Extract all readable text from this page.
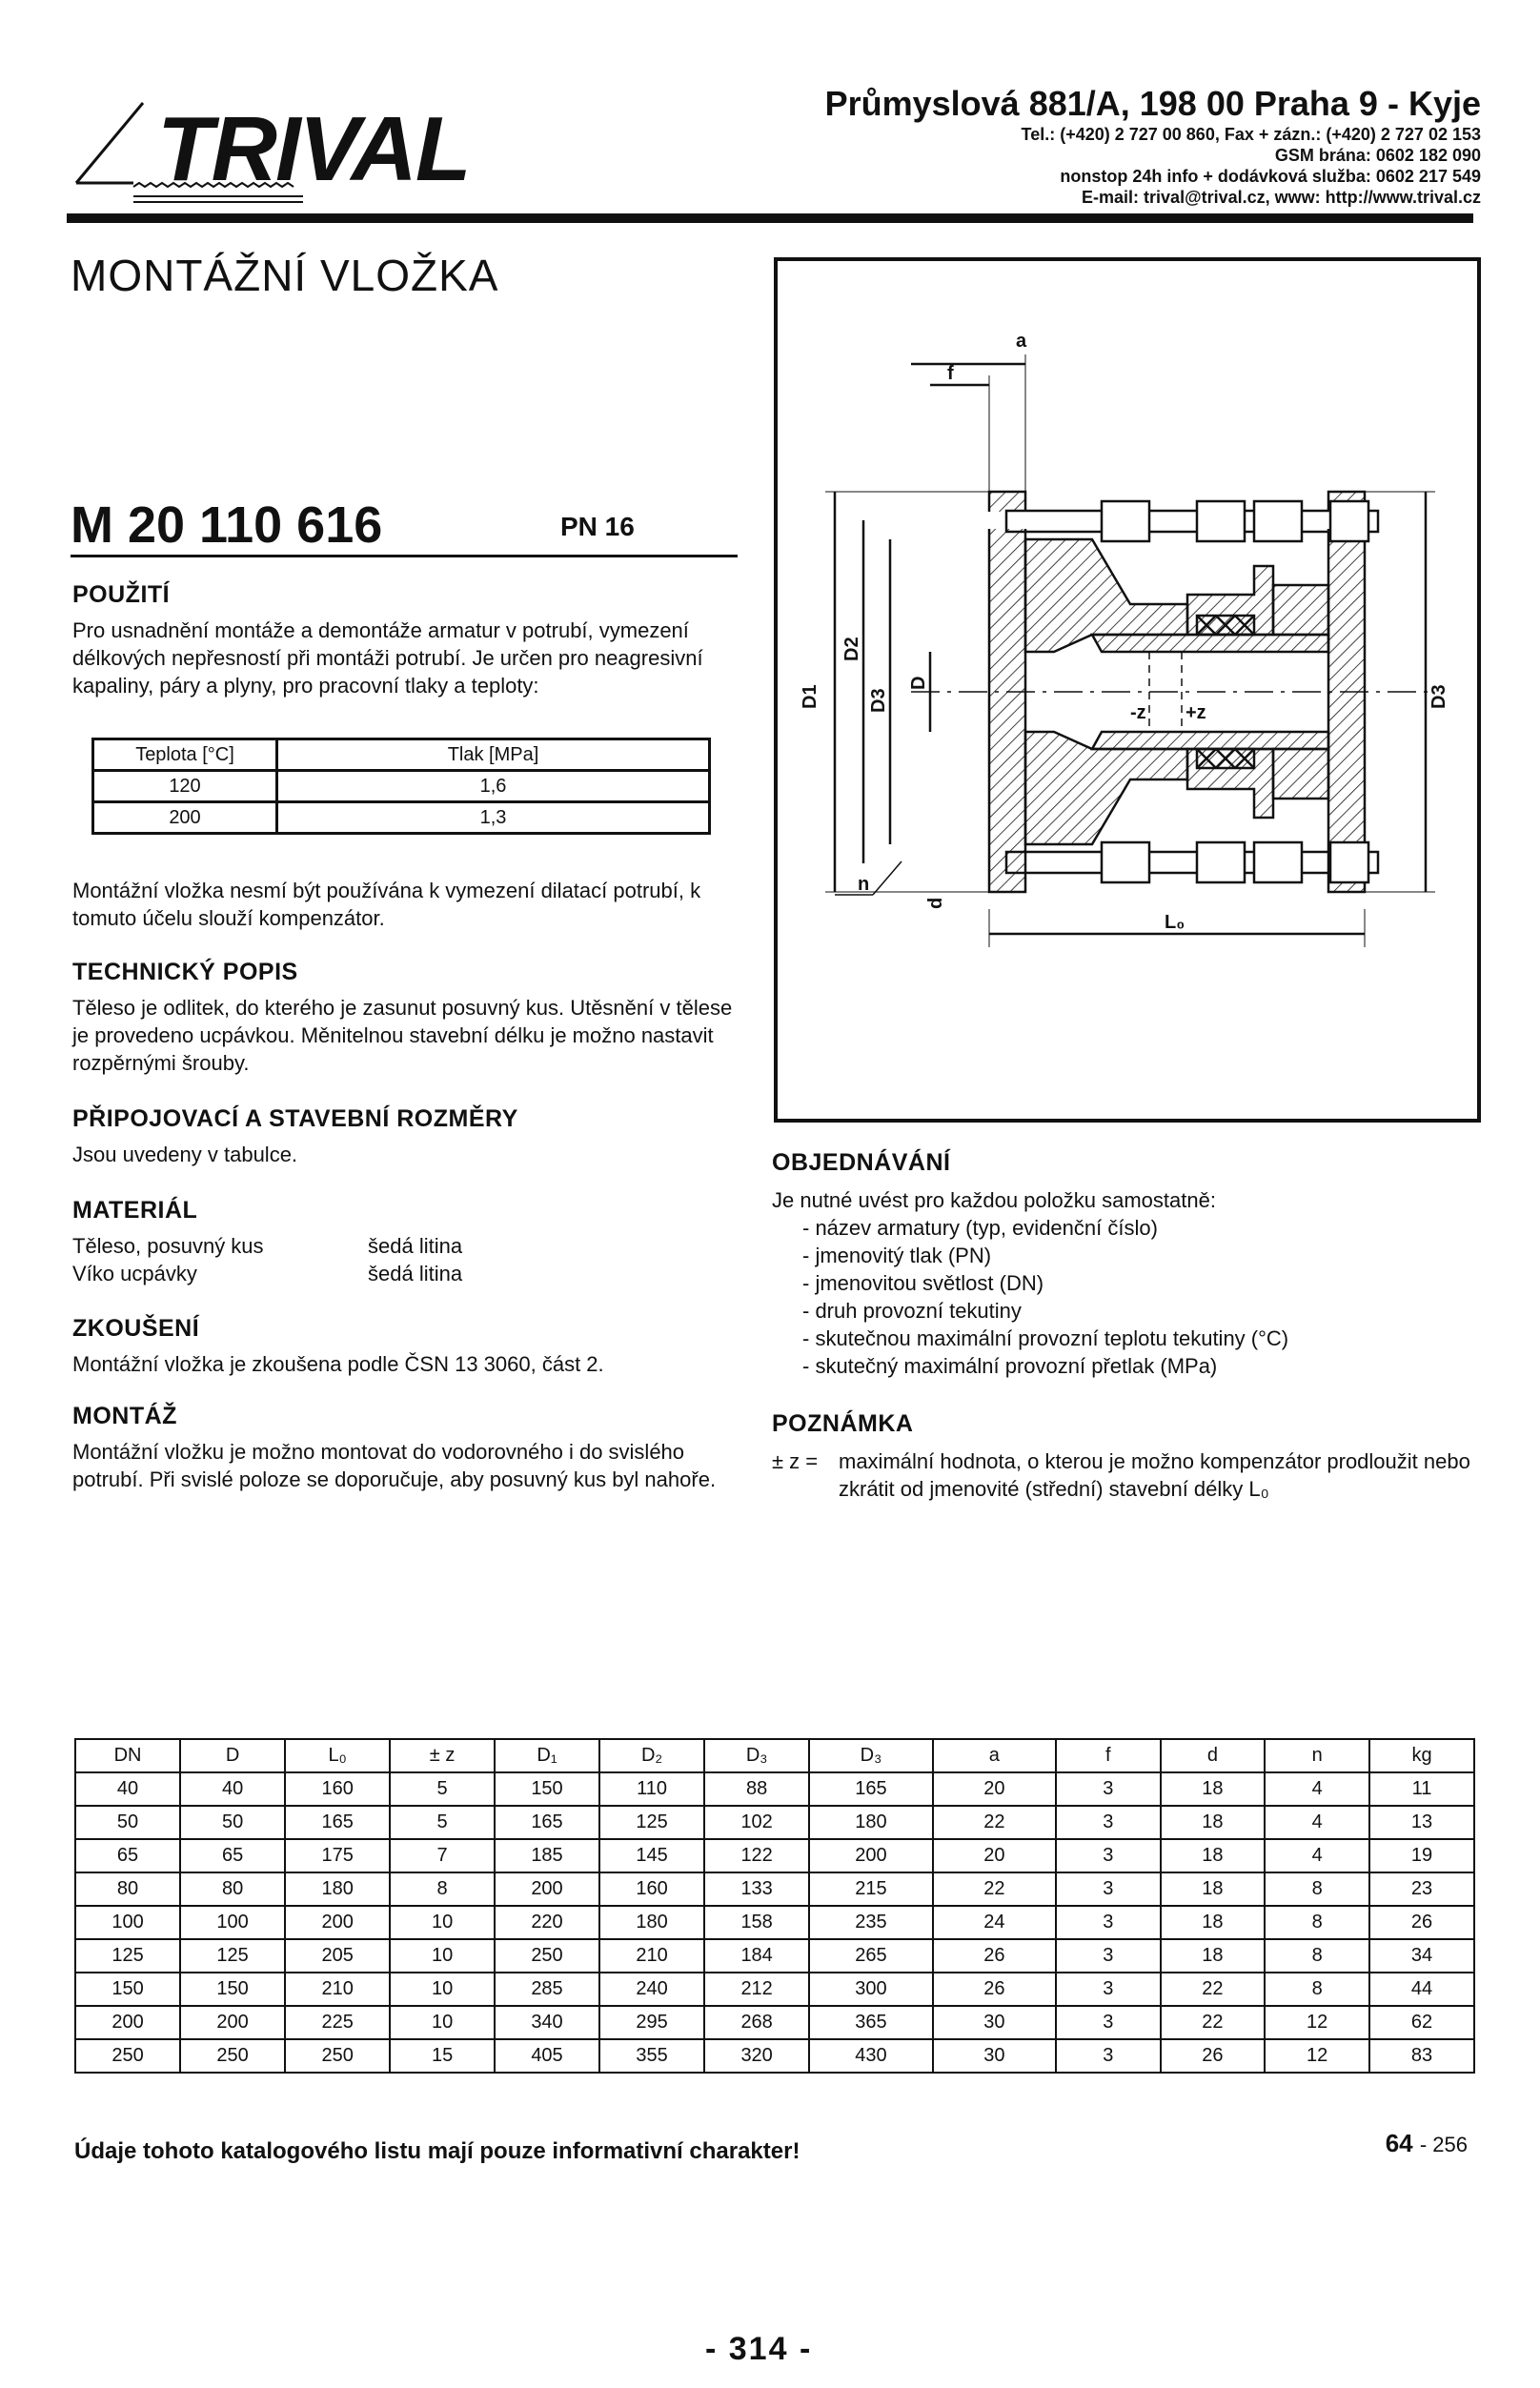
TRIVAL	Průmyslová 881/A, 198 00 Praha 9 - Kyje
Tel.: (+420) 2 727 00 860, Fax + zázn.: (+420) 2 727 02 153
GSM brána: 0602 182 090
nonstop 24h info + dodávková služba: 0602 217 549
E-mail: trival@trival.cz, www: http://www.trival.cz
MONTÁŽNÍ VLOŽKA
M 20 110 616	PN 16
POUŽITÍ
Pro usnadnění montáže a demontáže armatur v potrubí, vymezení délkových nepřesností při montáži potrubí. Je určen pro neagresivní kapaliny, páry a plyny, pro pracovní tlaky a teploty:
Teplota [°C]	Tlak [MPa]
120	1,6
200	1,3
Montážní vložka nesmí být používána k vymezení dilatací potrubí, k tomuto účelu slouží kompenzátor.
TECHNICKÝ POPIS
Těleso je odlitek, do kterého je zasunut posuvný kus. Utěsnění v tělese je provedeno ucpávkou. Měnitelnou stavební délku je možno nastavit rozpěrnými šrouby.
PŘIPOJOVACÍ A STAVEBNÍ ROZMĚRY
Jsou uvedeny v tabulce.
MATERIÁL
Těleso, posuvný kus	šedá litina
Víko ucpávky	šedá litina
ZKOUŠENÍ
Montážní vložka je zkoušena podle ČSN 13 3060, část 2.
MONTÁŽ
Montážní vložku je možno montovat do vodorovného i do svislého potrubí. Při svislé poloze se doporučuje, aby posuvný kus byl nahoře.
a
f
D1
D2
D3
D
-z +z
D3
n
d
L₀
OBJEDNÁVÁNÍ
Je nutné uvést pro každou položku samostatně:
- název armatury (typ, evidenční číslo)
- jmenovitý tlak (PN)
- jmenovitou světlost (DN)
- druh provozní tekutiny
- skutečnou maximální provozní teplotu tekutiny (°C)
- skutečný maximální provozní přetlak (MPa)
POZNÁMKA
± z = maximální hodnota, o kterou je možno kompenzátor prodloužit nebo zkrátit od jmenovité (střední) stavební délky L₀
DN	D	L₀	± z	D₁	D₂	D₃	D₃	a	f	d	n	kg
40	40	160	5	150	110	88	165	20	3	18	4	11
50	50	165	5	165	125	102	180	22	3	18	4	13
65	65	175	7	185	145	122	200	20	3	18	4	19
80	80	180	8	200	160	133	215	22	3	18	8	23
100	100	200	10	220	180	158	235	24	3	18	8	26
125	125	205	10	250	210	184	265	26	3	18	8	34
150	150	210	10	285	240	212	300	26	3	22	8	44
200	200	225	10	340	295	268	365	30	3	22	12	62
250	250	250	15	405	355	320	430	30	3	26	12	83
Údaje tohoto katalogového listu mají pouze informativní charakter!	64 - 256
- 314 -
